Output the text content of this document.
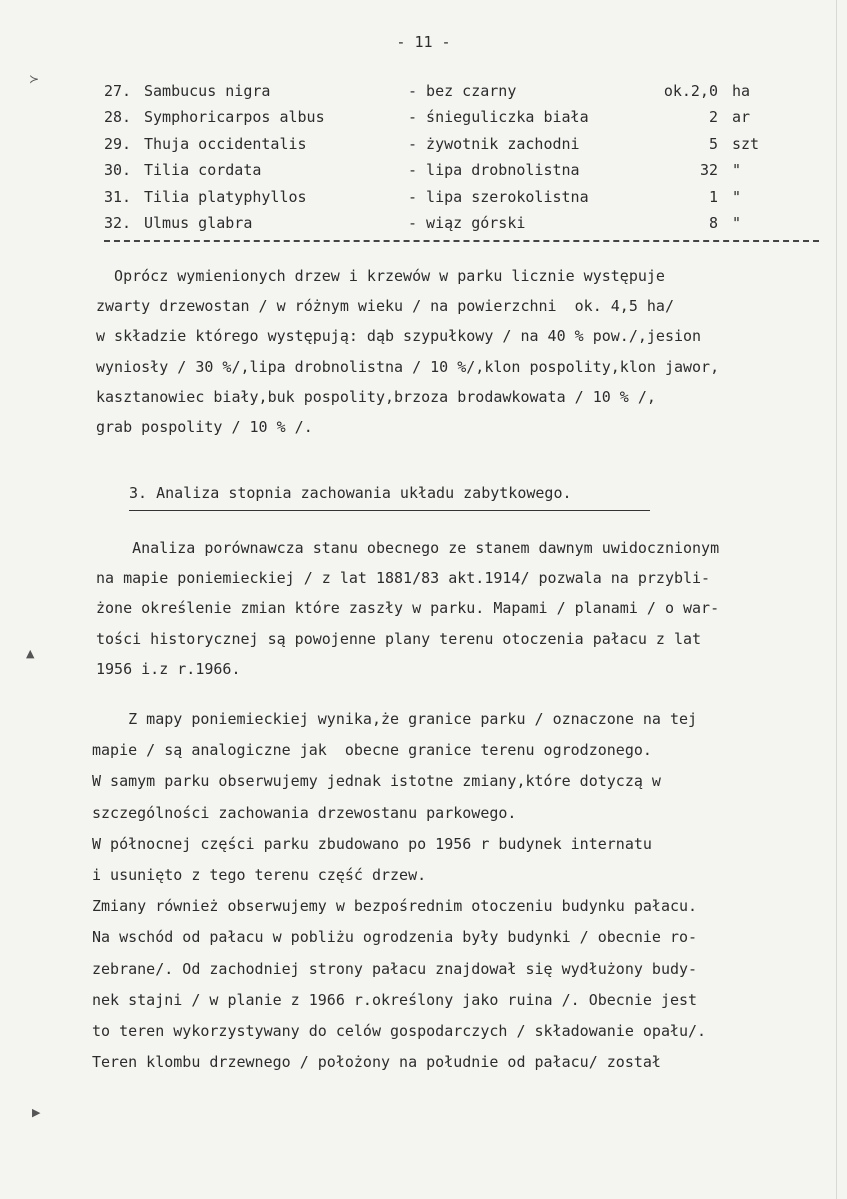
- 11 -
27. Sambucus nigra	- bez czarny	ok.2,0 ha
28. Symphoricarpos albus	- śnieguliczka biała	2 ar
29. Thuja occidentalis	- żywotnik zachodni	5 szt
30. Tilia cordata	- lipa drobnolistna	32 "
31. Tilia platyphyllos	- lipa szerokolistna	1 "
32. Ulmus glabra	- wiąz górski	8 "

Oprócz wymienionych drzew i krzewów w parku licznie występuje
zwarty drzewostan / w różnym wieku / na powierzchni  ok. 4,5 ha/
w składzie którego występują: dąb szypułkowy / na 40 % pow./,jesion
wyniosły / 30 %/,lipa drobnolistna / 10 %/,klon pospolity,klon jawor,
kasztanowiec biały,buk pospolity,brzoza brodawkowata / 10 % /,
grab pospolity / 10 % /.

3. Analiza stopnia zachowania układu zabytkowego.

Analiza porównawcza stanu obecnego ze stanem dawnym uwidocznionym
na mapie poniemieckiej / z lat 1881/83 akt.1914/ pozwala na przybli-
żone określenie zmian które zaszły w parku. Mapami / planami / o war-
tości historycznej są powojenne plany terenu otoczenia pałacu z lat
1956 i.z r.1966.

Z mapy poniemieckiej wynika,że granice parku / oznaczone na tej
mapie / są analogiczne jak  obecne granice terenu ogrodzonego.
W samym parku obserwujemy jednak istotne zmiany,które dotyczą w
szczególności zachowania drzewostanu parkowego.
W północnej części parku zbudowano po 1956 r budynek internatu
i usunięto z tego terenu część drzew.
Zmiany również obserwujemy w bezpośrednim otoczeniu budynku pałacu.
Na wschód od pałacu w pobliżu ogrodzenia były budynki / obecnie ro-
zebrane/. Od zachodniej strony pałacu znajdował się wydłużony budy-
nek stajni / w planie z 1966 r.określony jako ruina /. Obecnie jest
to teren wykorzystywany do celów gospodarczych / składowanie opału/.
Teren klombu drzewnego / położony na południe od pałacu/ został

≻
▲
▶
